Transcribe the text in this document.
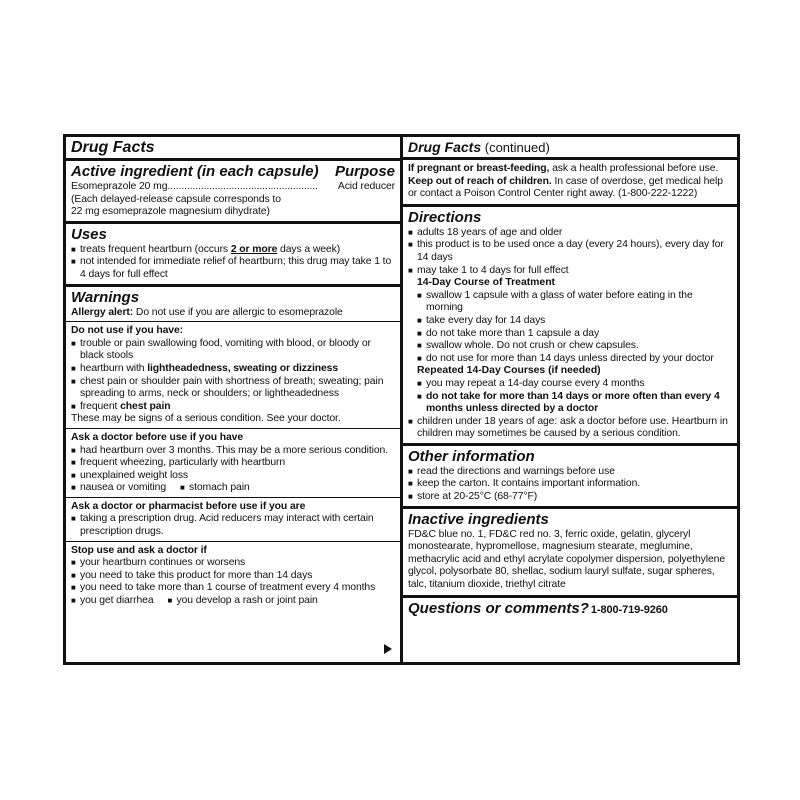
Drug Facts
Active ingredient (in each capsule) Purpose
Esomeprazole 20 mg ......................................................	Acid reducer
(Each delayed-release capsule corresponds to
22 mg esomeprazole magnesium dihydrate)
Uses
■ treats frequent heartburn (occurs 2 or more days a week)
■ not intended for immediate relief of heartburn; this drug may take 1 to 4 days for full effect
Warnings
Allergy alert: Do not use if you are allergic to esomeprazole
Do not use if you have:
■ trouble or pain swallowing food, vomiting with blood, or bloody or black stools
■ heartburn with lightheadedness, sweating or dizziness
■ chest pain or shoulder pain with shortness of breath; sweating; pain spreading to arms, neck or shoulders; or lightheadedness
■ frequent chest pain
These may be signs of a serious condition. See your doctor.
Ask a doctor before use if you have
■ had heartburn over 3 months. This may be a more serious condition.
■ frequent wheezing, particularly with heartburn
■ unexplained weight loss
■ nausea or vomiting ■ stomach pain
Ask a doctor or pharmacist before use if you are
■ taking a prescription drug. Acid reducers may interact with certain prescription drugs.
Stop use and ask a doctor if
■ your heartburn continues or worsens
■ you need to take this product for more than 14 days
■ you need to take more than 1 course of treatment every 4 months
■ you get diarrhea ■ you develop a rash or joint pain
Drug Facts (continued)
If pregnant or breast-feeding, ask a health professional before use.
Keep out of reach of children. In case of overdose, get medical help or contact a Poison Control Center right away. (1-800-222-1222)
Directions
■ adults 18 years of age and older
■ this product is to be used once a day (every 24 hours), every day for 14 days
■ may take 1 to 4 days for full effect
14-Day Course of Treatment
■ swallow 1 capsule with a glass of water before eating in the morning
■ take every day for 14 days
■ do not take more than 1 capsule a day
■ swallow whole. Do not crush or chew capsules.
■ do not use for more than 14 days unless directed by your doctor
Repeated 14-Day Courses (if needed)
■ you may repeat a 14-day course every 4 months
■ do not take for more than 14 days or more often than every 4 months unless directed by a doctor
■ children under 18 years of age: ask a doctor before use. Heartburn in children may sometimes be caused by a serious condition.
Other information
■ read the directions and warnings before use
■ keep the carton. It contains important information.
■ store at 20-25°C (68-77°F)
Inactive ingredients
FD&C blue no. 1, FD&C red no. 3, ferric oxide, gelatin, glyceryl monostearate, hypromellose, magnesium stearate, meglumine, methacrylic acid and ethyl acrylate copolymer dispersion, polyethylene glycol, polysorbate 80, shellac, sodium lauryl sulfate, sugar spheres, talc, titanium dioxide, triethyl citrate
Questions or comments? 1-800-719-9260
